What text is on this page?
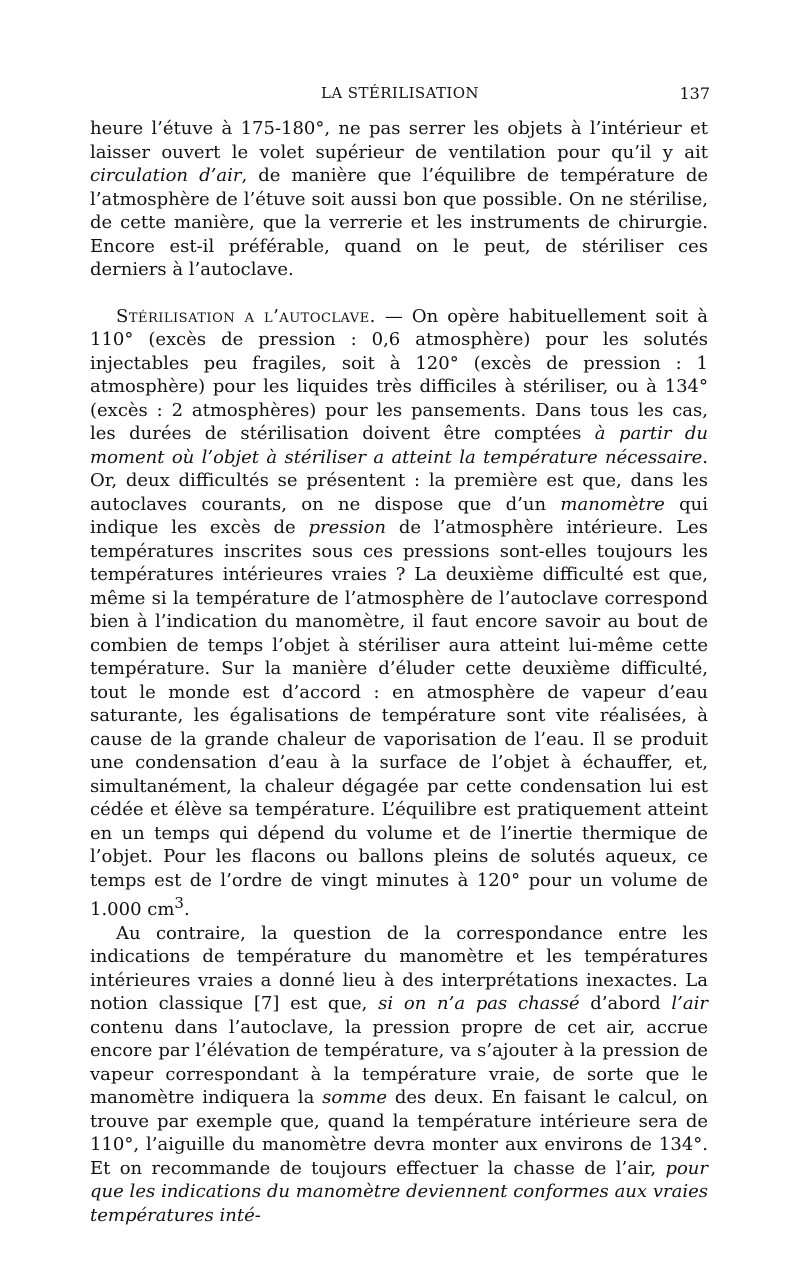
LA STÉRILISATION	137

heure l’étuve à 175-180°, ne pas serrer les objets à l’intérieur et laisser ouvert le volet supérieur de ventilation pour qu’il y ait circulation d’air, de manière que l’équilibre de température de l’atmosphère de l’étuve soit aussi bon que possible. On ne stérilise, de cette manière, que la verrerie et les instruments de chirurgie. Encore est-il préférable, quand on le peut, de stériliser ces derniers à l’autoclave.

Stérilisation a l’autoclave. — On opère habituellement soit à 110° (excès de pression : 0,6 atmosphère) pour les solutés injectables peu fragiles, soit à 120° (excès de pression : 1 atmosphère) pour les liquides très difficiles à stériliser, ou à 134° (excès : 2 atmosphères) pour les pansements. Dans tous les cas, les durées de stérilisation doivent être comptées à partir du moment où l’objet à stériliser a atteint la température nécessaire. Or, deux difficultés se présentent : la première est que, dans les autoclaves courants, on ne dispose que d’un manomètre qui indique les excès de pression de l’atmosphère intérieure. Les températures inscrites sous ces pressions sont-elles toujours les températures intérieures vraies ? La deuxième difficulté est que, même si la température de l’atmosphère de l’autoclave correspond bien à l’indication du manomètre, il faut encore savoir au bout de combien de temps l’objet à stériliser aura atteint lui-même cette température. Sur la manière d’éluder cette deuxième difficulté, tout le monde est d’accord : en atmosphère de vapeur d’eau saturante, les égalisations de température sont vite réalisées, à cause de la grande chaleur de vaporisation de l’eau. Il se produit une condensation d’eau à la surface de l’objet à échauffer, et, simultanément, la chaleur dégagée par cette condensation lui est cédée et élève sa température. L’équilibre est pratiquement atteint en un temps qui dépend du volume et de l’inertie thermique de l’objet. Pour les flacons ou ballons pleins de solutés aqueux, ce temps est de l’ordre de vingt minutes à 120° pour un volume de 1.000 $cm^3$.

Au contraire, la question de la correspondance entre les indications de température du manomètre et les températures intérieures vraies a donné lieu à des interprétations inexactes. La notion classique [7] est que, si on n’a pas chassé d’abord l’air contenu dans l’autoclave, la pression propre de cet air, accrue encore par l’élévation de température, va s’ajouter à la pression de vapeur correspondant à la température vraie, de sorte que le manomètre indiquera la somme des deux. En faisant le calcul, on trouve par exemple que, quand la température intérieure sera de 110°, l’aiguille du manomètre devra monter aux environs de 134°. Et on recommande de toujours effectuer la chasse de l’air, pour que les indications du manomètre deviennent conformes aux vraies températures inté-
